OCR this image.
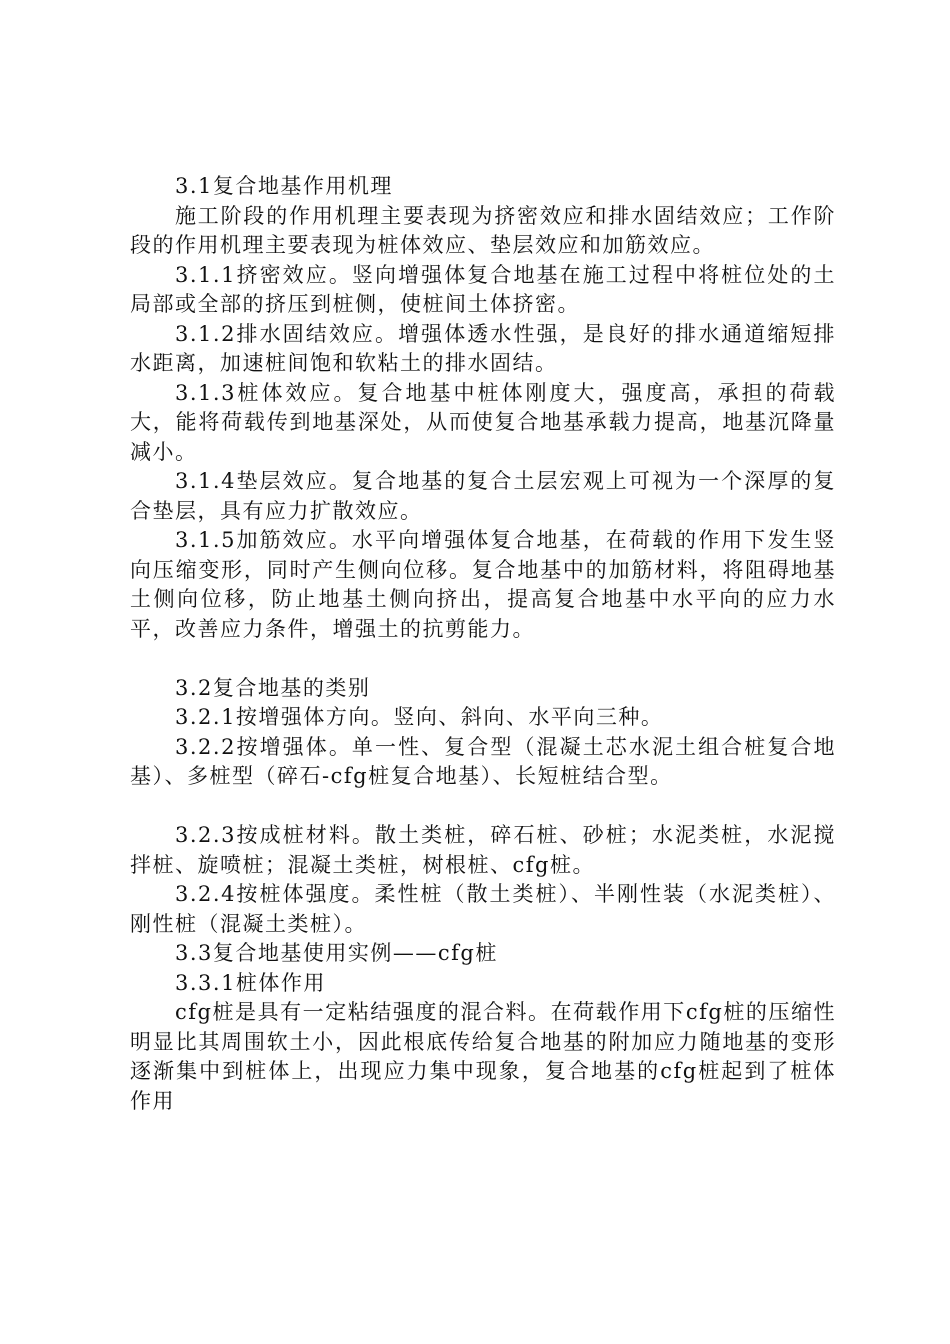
3.1复合地基作用机理

施工阶段的作用机理主要表现为挤密效应和排水固结效应；工作阶段的作用机理主要表现为桩体效应、垫层效应和加筋效应。

3.1.1挤密效应。竖向增强体复合地基在施工过程中将桩位处的土局部或全部的挤压到桩侧，使桩间土体挤密。

3.1.2排水固结效应。增强体透水性强，是良好的排水通道缩短排水距离，加速桩间饱和软粘土的排水固结。

3.1.3桩体效应。复合地基中桩体刚度大，强度高，承担的荷载大，能将荷载传到地基深处，从而使复合地基承载力提高，地基沉降量减小。

3.1.4垫层效应。复合地基的复合土层宏观上可视为一个深厚的复合垫层，具有应力扩散效应。

3.1.5加筋效应。水平向增强体复合地基，在荷载的作用下发生竖向压缩变形，同时产生侧向位移。复合地基中的加筋材料，将阻碍地基土侧向位移，防止地基土侧向挤出，提高复合地基中水平向的应力水平，改善应力条件，增强土的抗剪能力。

3.2复合地基的类别

3.2.1按增强体方向。竖向、斜向、水平向三种。

3.2.2按增强体。单一性、复合型（混凝土芯水泥土组合桩复合地基）、多桩型（碎石-cfg桩复合地基）、长短桩结合型。

3.2.3按成桩材料。散土类桩，碎石桩、砂桩；水泥类桩，水泥搅拌桩、旋喷桩；混凝土类桩，树根桩、cfg桩。

3.2.4按桩体强度。柔性桩（散土类桩）、半刚性装（水泥类桩）、刚性桩（混凝土类桩）。

3.3复合地基使用实例——cfg桩

3.3.1桩体作用

cfg桩是具有一定粘结强度的混合料。在荷载作用下cfg桩的压缩性明显比其周围软土小，因此根底传给复合地基的附加应力随地基的变形逐渐集中到桩体上，出现应力集中现象，复合地基的cfg桩起到了桩体作用
